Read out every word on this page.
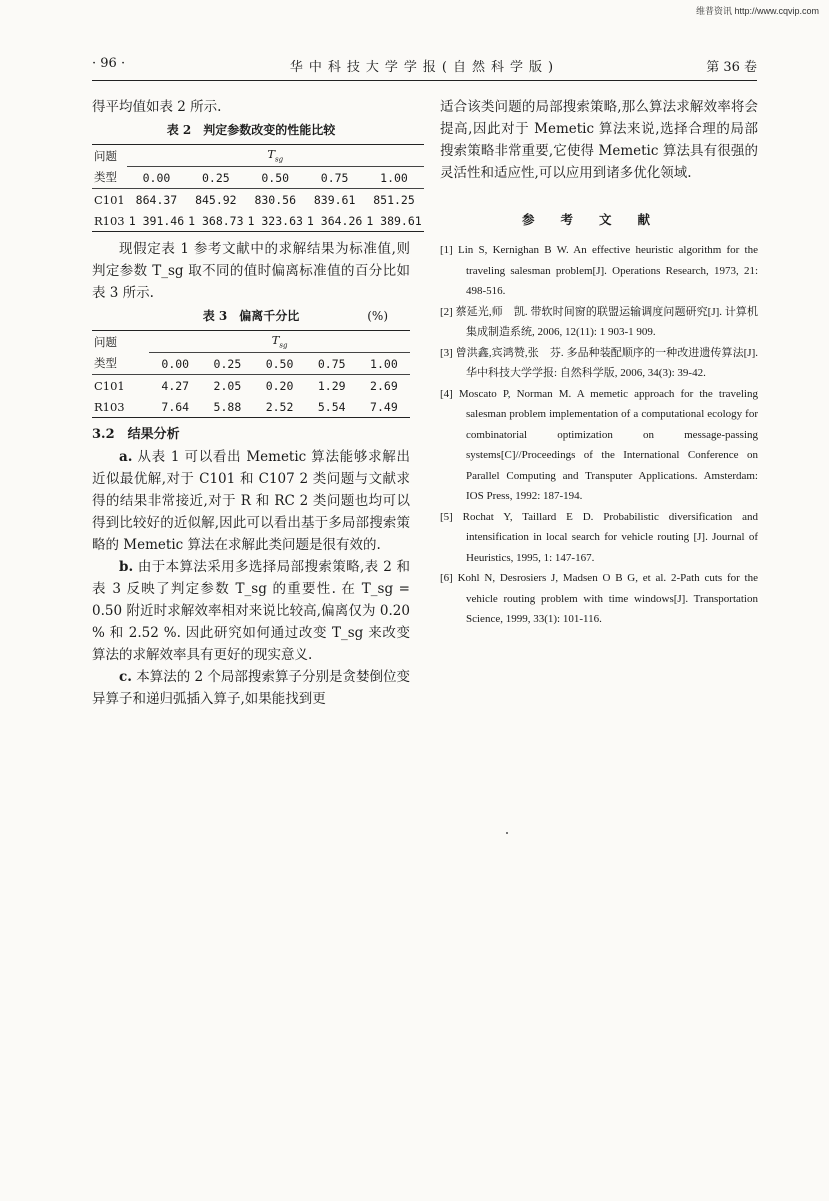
维普资讯 http://www.cqvip.com
· 96 ·	华中科技大学学报(自然科学版)	第 36 卷

得平均值如表 2 所示.

表 2　判定参数改变的性能比较
问题	$T_{sg}$
类型	0.00	0.25	0.50	0.75	1.00
C101	864.37	845.92	830.56	839.61	851.25
R103	1 391.46	1 368.73	1 323.63	1 364.26	1 389.61

现假定表 1 参考文献中的求解结果为标准值,则判定参数 T_sg 取不同的值时偏离标准值的百分比如表 3 所示.

表 3　偏离千分比	(%)
问题	$T_{sg}$
类型	0.00	0.25	0.50	0.75	1.00
C101	4.27	2.05	0.20	1.29	2.69
R103	7.64	5.88	2.52	5.54	7.49
3.2　结果分析

a. 从表 1 可以看出 Memetic 算法能够求解出近似最优解,对于 C101 和 C107 2 类问题与文献求得的结果非常接近,对于 R 和 RC 2 类问题也均可以得到比较好的近似解,因此可以看出基于多局部搜索策略的 Memetic 算法在求解此类问题是很有效的.

b. 由于本算法采用多选择局部搜索策略,表 2 和表 3 反映了判定参数 T_sg 的重要性. 在 T_sg = 0.50 附近时求解效率相对来说比较高,偏离仅为 0.20 % 和 2.52 %. 因此研究如何通过改变 T_sg 来改变算法的求解效率具有更好的现实意义.

c. 本算法的 2 个局部搜索算子分别是贪婪倒位变异算子和递归弧插入算子,如果能找到更

适合该类问题的局部搜索策略,那么算法求解效率将会提高,因此对于 Memetic 算法来说,选择合理的局部搜索策略非常重要,它使得 Memetic 算法具有很强的灵活性和适应性,可以应用到诸多优化领域.

参考文献

[1] Lin S, Kernighan B W. An effective heuristic algorithm for the traveling salesman problem[J]. Operations Research, 1973, 21: 498-516.

[2] 蔡延光,师　凯. 带软时间窗的联盟运输调度问题研究[J]. 计算机集成制造系统, 2006, 12(11): 1 903-1 909.

[3] 曾洪鑫,宾鸿赞,张　芬. 多品种装配顺序的一种改进遗传算法[J]. 华中科技大学学报: 自然科学版, 2006, 34(3): 39-42.

[4] Moscato P, Norman M. A memetic approach for the traveling salesman problem implementation of a computational ecology for combinatorial optimization on message-passing systems[C]//Proceedings of the International Conference on Parallel Computing and Transputer Applications. Amsterdam: IOS Press, 1992: 187-194.

[5] Rochat Y, Taillard E D. Probabilistic diversification and intensification in local search for vehicle routing [J]. Journal of Heuristics, 1995, 1: 147-167.

[6] Kohl N, Desrosiers J, Madsen O B G, et al. 2-Path cuts for the vehicle routing problem with time windows[J]. Transportation Science, 1999, 33(1): 101-116.
